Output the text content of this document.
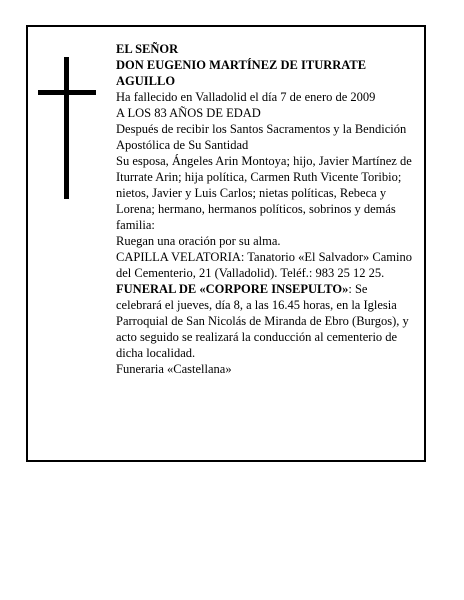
EL SEÑOR

DON EUGENIO MARTÍNEZ DE ITURRATE AGUILLO

Ha fallecido en Valladolid el día 7 de enero de 2009

A LOS 83 AÑOS DE EDAD

Después de recibir los Santos Sacramentos y la Bendición Apostólica de Su Santidad

Su esposa, Ángeles Arin Montoya; hijo, Javier Martínez de Iturrate Arin; hija política, Carmen Ruth Vicente Toribio; nietos, Javier y Luis Carlos; nietas políticas, Rebeca y Lorena; hermano, hermanos políticos, sobrinos y demás familia:

Ruegan una oración por su alma.

CAPILLA VELATORIA: Tanatorio «El Salvador» Camino del Cementerio, 21 (Valladolid). Teléf.: 983 25 12 25.

FUNERAL DE «CORPORE INSEPULTO»: Se celebrará el jueves, día 8, a las 16.45 horas, en la Iglesia Parroquial de San Nicolás de Miranda de Ebro (Burgos), y acto seguido se realizará la conducción al cementerio de dicha localidad.

Funeraria «Castellana»
